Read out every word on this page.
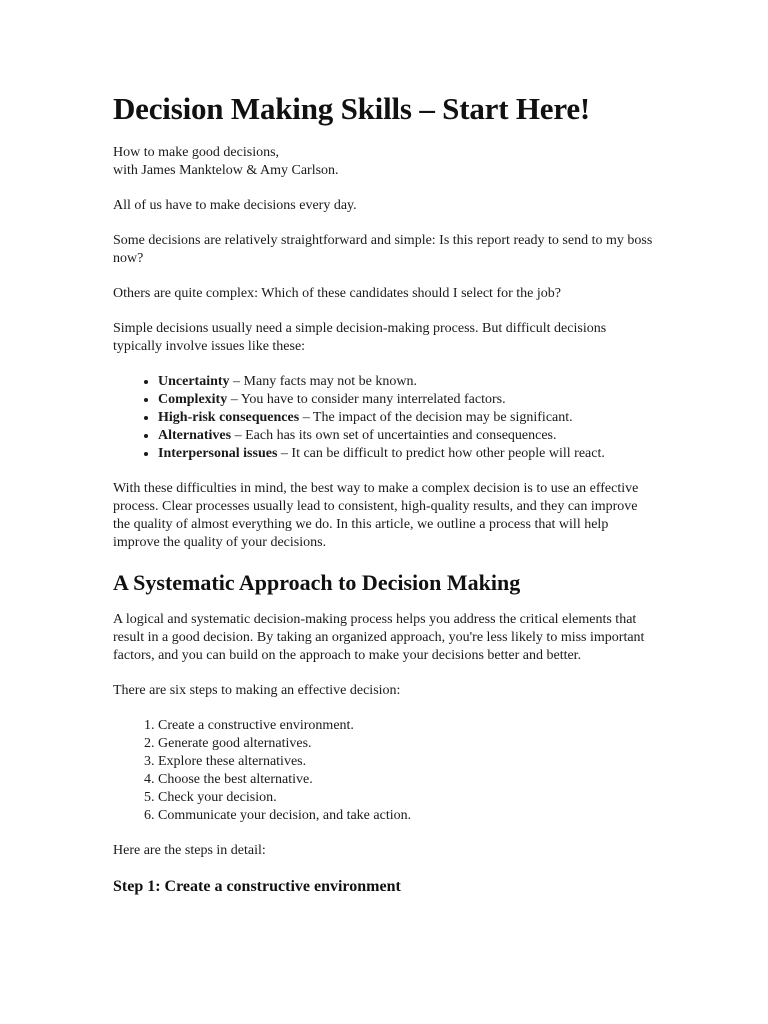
Decision Making Skills – Start Here!

How to make good decisions,
with James Manktelow & Amy Carlson.

All of us have to make decisions every day.

Some decisions are relatively straightforward and simple: Is this report ready to send to my boss now?

Others are quite complex: Which of these candidates should I select for the job?

Simple decisions usually need a simple decision-making process. But difficult decisions typically involve issues like these:

• Uncertainty – Many facts may not be known.
• Complexity – You have to consider many interrelated factors.
• High-risk consequences – The impact of the decision may be significant.
• Alternatives – Each has its own set of uncertainties and consequences.
• Interpersonal issues – It can be difficult to predict how other people will react.

With these difficulties in mind, the best way to make a complex decision is to use an effective process. Clear processes usually lead to consistent, high-quality results, and they can improve the quality of almost everything we do. In this article, we outline a process that will help improve the quality of your decisions.

A Systematic Approach to Decision Making

A logical and systematic decision-making process helps you address the critical elements that result in a good decision. By taking an organized approach, you're less likely to miss important factors, and you can build on the approach to make your decisions better and better.

There are six steps to making an effective decision:

1. Create a constructive environment.
2. Generate good alternatives.
3. Explore these alternatives.
4. Choose the best alternative.
5. Check your decision.
6. Communicate your decision, and take action.

Here are the steps in detail:

Step 1: Create a constructive environment
